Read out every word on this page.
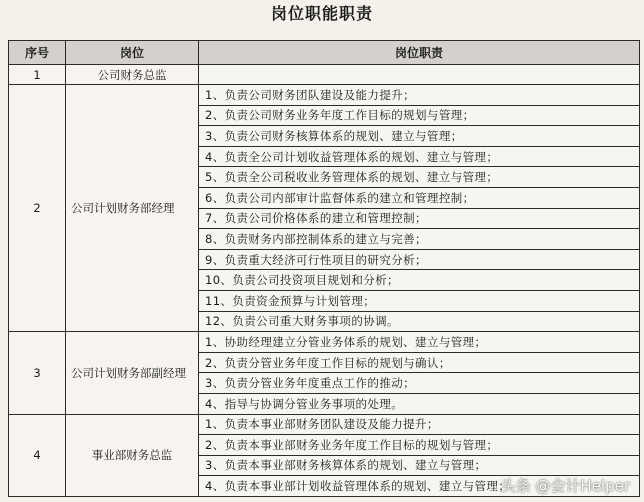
岗位职能职责
序号	岗位	岗位职责
1	公司财务总监	
2	公司计划财务部经理	1、负责公司财务团队建设及能力提升；
		2、负责公司财务业务年度工作目标的规划与管理；
		3、负责公司财务核算体系的规划、建立与管理；
		4、负责全公司计划收益管理体系的规划、建立与管理；
		5、负责全公司税收业务管理体系的规划、建立与管理；
		6、负责公司内部审计监督体系的建立和管理控制；
		7、负责公司价格体系的建立和管理控制；
		8、负责财务内部控制体系的建立与完善；
		9、负责重大经济可行性项目的研究分析；
		10、负责公司投资项目规划和分析；
		11、负责资金预算与计划管理；
		12、负责公司重大财务事项的协调。
3	公司计划财务部副经理	1、协助经理建立分管业务体系的规划、建立与管理；
		2、负责分管业务年度工作目标的规划与确认；
		3、负责分管业务年度重点工作的推动；
		4、指导与协调分管业务事项的处理。
4	事业部财务总监	1、负责本事业部财务团队建设及能力提升；
		2、负责本事业部财务业务年度工作目标的规划与管理；
		3、负责本事业部财务核算体系的规划、建立与管理；
		4、负责本事业部计划收益管理体系的规划、建立与管理；
头条 @会计Helper
